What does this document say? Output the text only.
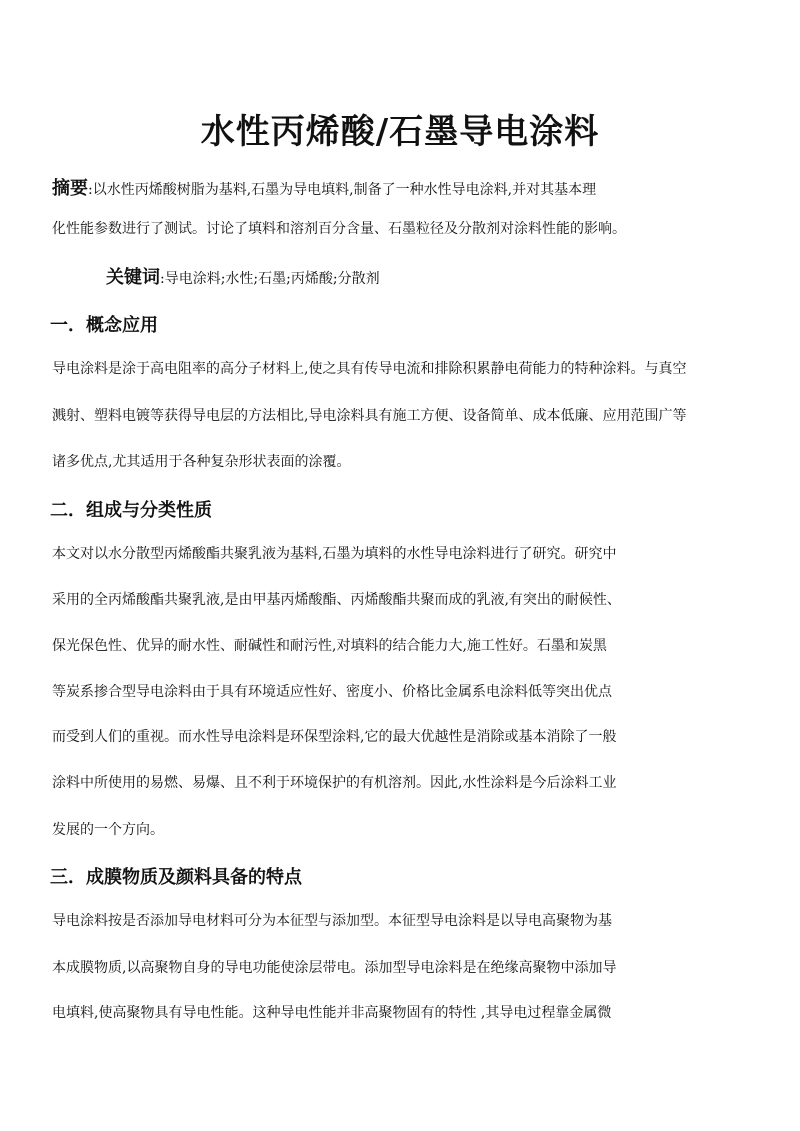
水性丙烯酸/石墨导电涂料

摘要:以水性丙烯酸树脂为基料,石墨为导电填料,制备了一种水性导电涂料,并对其基本理

化性能参数进行了测试。讨论了填料和溶剂百分含量、石墨粒径及分散剂对涂料性能的影响。

关键词:导电涂料;水性;石墨;丙烯酸;分散剂

一．概念应用

导电涂料是涂于高电阻率的高分子材料上,使之具有传导电流和排除积累静电荷能力的特种涂料。与真空

溅射、塑料电镀等获得导电层的方法相比,导电涂料具有施工方便、设备简单、成本低廉、应用范围广等

诸多优点,尤其适用于各种复杂形状表面的涂覆。

二．组成与分类性质

本文对以水分散型丙烯酸酯共聚乳液为基料,石墨为填料的水性导电涂料进行了研究。研究中

采用的全丙烯酸酯共聚乳液,是由甲基丙烯酸酯、丙烯酸酯共聚而成的乳液,有突出的耐候性、

保光保色性、优异的耐水性、耐碱性和耐污性,对填料的结合能力大,施工性好。石墨和炭黑

等炭系掺合型导电涂料由于具有环境适应性好、密度小、价格比金属系电涂料低等突出优点

而受到人们的重视。而水性导电涂料是环保型涂料,它的最大优越性是消除或基本消除了一般

涂料中所使用的易燃、易爆、且不利于环境保护的有机溶剂。因此,水性涂料是今后涂料工业

发展的一个方向。

三．成膜物质及颜料具备的特点

导电涂料按是否添加导电材料可分为本征型与添加型。本征型导电涂料是以导电高聚物为基

本成膜物质,以高聚物自身的导电功能使涂层带电。添加型导电涂料是在绝缘高聚物中添加导

电填料,使高聚物具有导电性能。这种导电性能并非高聚物固有的特性 ,其导电过程靠金属微
